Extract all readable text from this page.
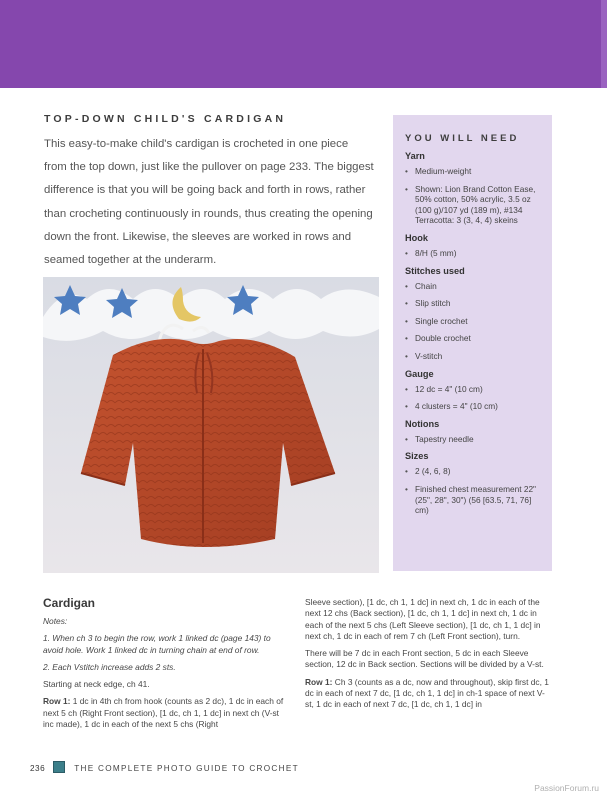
TOP-DOWN CHILD'S CARDIGAN
This easy-to-make child's cardigan is crocheted in one piece from the top down, just like the pullover on page 233. The biggest difference is that you will be going back and forth in rows, rather than crocheting continuously in rounds, thus creating the opening down the front. Likewise, the sleeves are worked in rows and seamed together at the underarm.
YOU WILL NEED
Yarn
• Medium-weight
• Shown: Lion Brand Cotton Ease, 50% cotton, 50% acrylic, 3.5 oz (100 g)/107 yd (189 m), #134 Terracotta: 3 (3, 4, 4) skeins
Hook
• 8/H (5 mm)
Stitches used
• Chain
• Slip stitch
• Single crochet
• Double crochet
• V-stitch
Gauge
• 12 dc = 4" (10 cm)
• 4 clusters = 4" (10 cm)
Notions
• Tapestry needle
Sizes
• 2 (4, 6, 8)
• Finished chest measurement 22" (25", 28", 30") (56 [63.5, 71, 76] cm)
Cardigan

Notes:

1. When ch 3 to begin the row, work 1 linked dc (page 143) to avoid hole. Work 1 linked dc in turning chain at end of row.

2. Each Vstitch increase adds 2 sts.

Starting at neck edge, ch 41.

Row 1: 1 dc in 4th ch from hook (counts as 2 dc), 1 dc in each of next 5 ch (Right Front section), [1 dc, ch 1, 1 dc] in next ch (V-st inc made), 1 dc in each of the next 5 chs (Right

Sleeve section), [1 dc, ch 1, 1 dc] in next ch, 1 dc in each of the next 12 chs (Back section), [1 dc, ch 1, 1 dc] in next ch, 1 dc in each of the next 5 chs (Left Sleeve section), [1 dc, ch 1, 1 dc] in next ch, 1 dc in each of rem 7 ch (Left Front section), turn.

There will be 7 dc in each Front section, 5 dc in each Sleeve section, 12 dc in Back section. Sections will be divided by a V-st.

Row 1: Ch 3 (counts as a dc, now and throughout), skip first dc, 1 dc in each of next 7 dc, [1 dc, ch 1, 1 dc] in ch-1 space of next V-st, 1 dc in each of next 7 dc, [1 dc, ch 1, 1 dc] in

236	THE COMPLETE PHOTO GUIDE TO CROCHET
PassionForum.ru
